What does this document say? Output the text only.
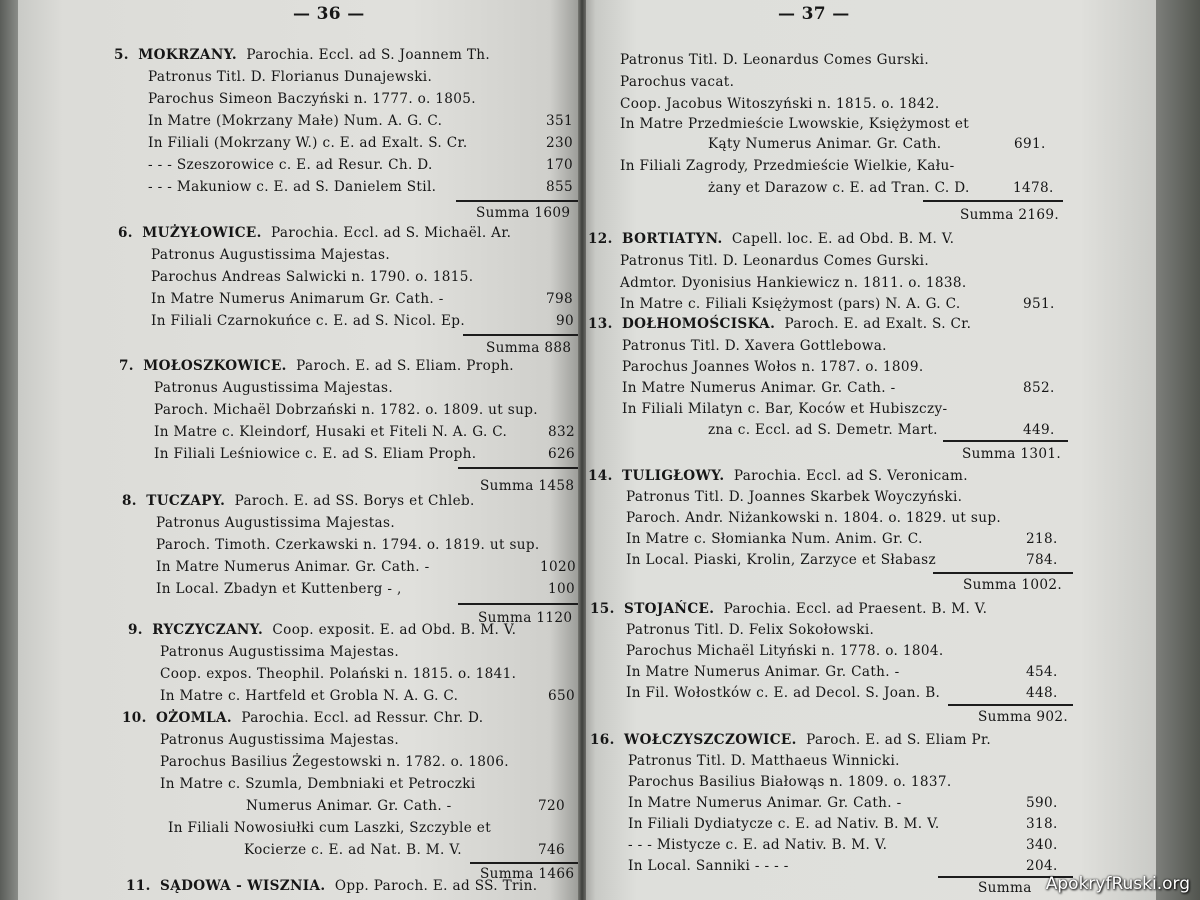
— 36 —
5. MOKRZANY. Parochia. Eccl. ad S. Joannem Th.
Patronus Titl. D. Florianus Dunajewski.
Parochus Simeon Baczyński n. 1777. o. 1805.
In Matre (Mokrzany Małe) Num. A. G. C.
In Filiali (Mokrzany W.) c. E. ad Exalt. S. Cr.
- - - Szeszorowice c. E. ad Resur. Ch. D.
- - - Makuniow c. E. ad S. Danielem Stil.
351
230
170
855
Summa 1609
6. MUŻYŁOWICE. Parochia. Eccl. ad S. Michaël. Ar.
Patronus Augustissima Majestas.
Parochus Andreas Salwicki n. 1790. o. 1815.
In Matre Numerus Animarum Gr. Cath. -
In Filiali Czarnokuńce c. E. ad S. Nicol. Ep.
798
90
Summa 888
7. MOŁOSZKOWICE. Paroch. E. ad S. Eliam. Proph.
Patronus Augustissima Majestas.
Paroch. Michaël Dobrzański n. 1782. o. 1809. ut sup.
In Matre c. Kleindorf, Husaki et Fiteli N. A. G. C.
In Filiali Leśniowice c. E. ad S. Eliam Proph.
832
626
Summa 1458
8. TUCZAPY. Paroch. E. ad SS. Borys et Chleb.
Patronus Augustissima Majestas.
Paroch. Timoth. Czerkawski n. 1794. o. 1819. ut sup.
In Matre Numerus Animar. Gr. Cath. -
In Local. Zbadyn et Kuttenberg - ,
1020
100
Summa 1120
9. RYCZYCZANY. Coop. exposit. E. ad Obd. B. M. V.
Patronus Augustissima Majestas.
Coop. expos. Theophil. Polański n. 1815. o. 1841.
In Matre c. Hartfeld et Grobla N. A. G. C.	650
10. OŻOMLA. Parochia. Eccl. ad Ressur. Chr. D.
Patronus Augustissima Majestas.
Parochus Basilius Żegestowski n. 1782. o. 1806.
In Matre c. Szumla, Dembniaki et Petroczki
Numerus Animar. Gr. Cath. -
In Filiali Nowosiułki cum Laszki, Szczyble et
Kocierze c. E. ad Nat. B. M. V.
720
746
Summa 1466
11. SĄDOWA - WISZNIA. Opp. Paroch. E. ad SS. Trin.
— 37 —
Patronus Titl. D. Leonardus Comes Gurski.
Parochus vacat.
Coop. Jacobus Witoszyński n. 1815. o. 1842.
In Matre Przedmieście Lwowskie, Księżymost et
Kąty Numerus Animar. Gr. Cath.
In Filiali Zagrody, Przedmieście Wielkie, Kału-
żany et Darazow c. E. ad Tran. C. D.
691.
1478.
Summa 2169.
12. BORTIATYN. Capell. loc. E. ad Obd. B. M. V.
Patronus Titl. D. Leonardus Comes Gurski.
Admtor. Dyonisius Hankiewicz n. 1811. o. 1838.
In Matre c. Filiali Księżymost (pars) N. A. G. C.	951.
13. DOŁHOMOŚCISKA. Paroch. E. ad Exalt. S. Cr.
Patronus Titl. D. Xavera Gottlebowa.
Parochus Joannes Wołos n. 1787. o. 1809.
In Matre Numerus Animar. Gr. Cath. -
In Filiali Milatyn c. Bar, Koców et Hubiszczy-
zna c. Eccl. ad S. Demetr. Mart.
852.
449.
Summa 1301.
14. TULIGŁOWY. Parochia. Eccl. ad S. Veronicam.
Patronus Titl. D. Joannes Skarbek Woyczyński.
Paroch. Andr. Niżankowski n. 1804. o. 1829. ut sup.
In Matre c. Słomianka Num. Anim. Gr. C.
In Local. Piaski, Krolin, Zarzyce et Słabasz
218.
784.
Summa 1002.
15. STOJAŃCE. Parochia. Eccl. ad Praesent. B. M. V.
Patronus Titl. D. Felix Sokołowski.
Parochus Michaël Lityński n. 1778. o. 1804.
In Matre Numerus Animar. Gr. Cath. -
In Fil. Wołostków c. E. ad Decol. S. Joan. B.
454.
448.
Summa 902.
16. WOŁCZYSZCZOWICE. Paroch. E. ad S. Eliam Pr.
Patronus Titl. D. Matthaeus Winnicki.
Parochus Basilius Białowąs n. 1809. o. 1837.
In Matre Numerus Animar. Gr. Cath. -
In Filiali Dydiatycze c. E. ad Nativ. B. M. V.
- - - Mistycze c. E. ad Nativ. B. M. V.
In Local. Sanniki - - - -
590.
318.
340.
204.
Summa ApokryfRuski.org
